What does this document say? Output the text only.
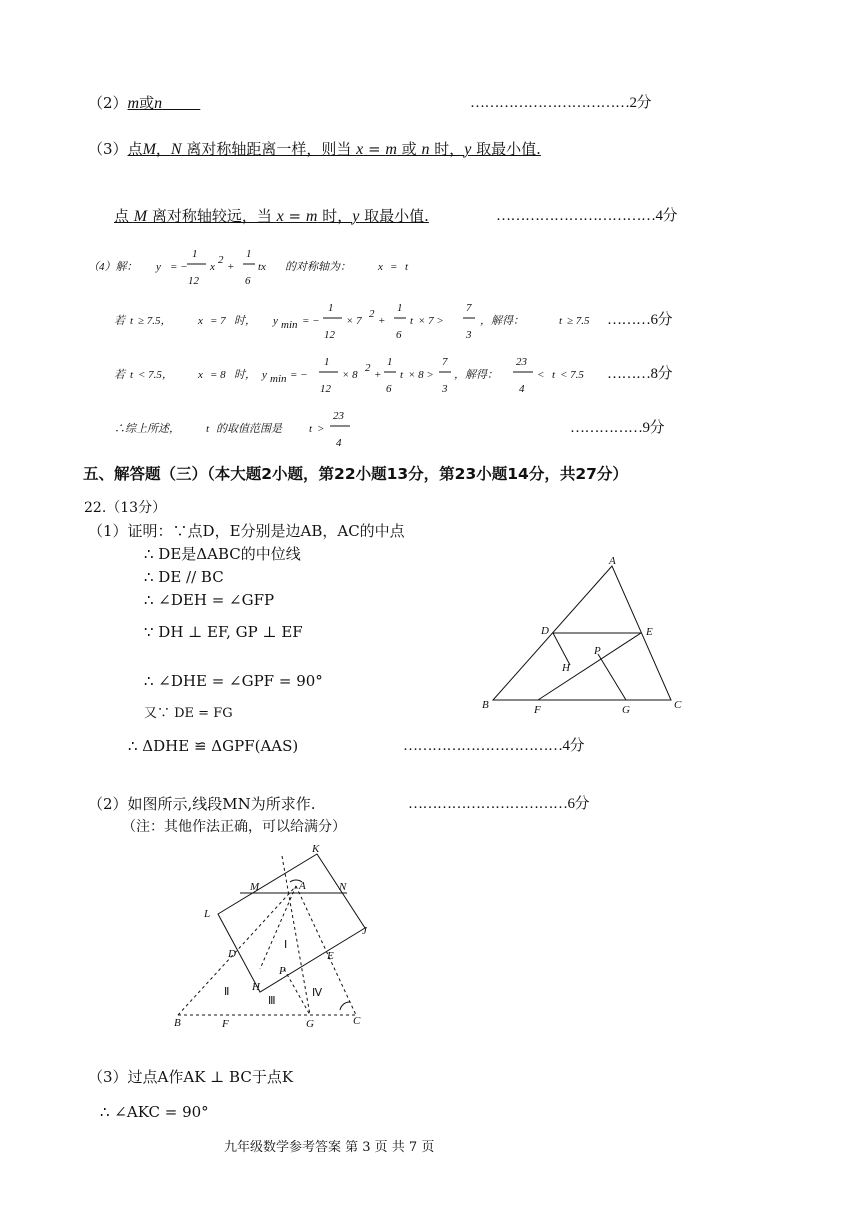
（2）m或n	……………………………2分
（3）点M，N 离对称轴距离一样，则当 x = m 或 n 时，y 取最小值.
点 M 离对称轴较远，当 x = m 时，y 取最小值.	……………………………4分
（4）解： y = −
1
12
x
2
+
1
6
tx 的对称轴为： x = t
若 t ≥ 7.5， x = 7 时， y min = −
1
12
× 7
2
+
1
6
t × 7 >
7
3
，解得：	t ≥ 7.5
若 t < 7.5， x = 8 时， y min = −
1
12
× 8
2
+
1
6
t × 8 >
7
3
，解得：
23
4
< t < 7.5
∴综上所述， t 的取值范围是 t >
23
4
………6分
………8分
……………9分
五、解答题（三）（本大题2小题，第22小题13分，第23小题14分，共27分）
22.（13分）
（1）证明：∵点D，E分别是边AB，AC的中点
∴ DE是ΔABC的中位线
∴ DE // BC
∴ ∠DEH = ∠GFP
∵ DH ⊥ EF, GP ⊥ EF
∴ ∠DHE = ∠GPF = 90°
又∵ DE = FG
∴ ΔDHE ≌ ΔGPF(AAS)	……………………………4分
A
B	C
D	E
F	G
H
P
（2）如图所示,线段MN为所求作.	……………………………6分
（注：其他作法正确，可以给满分）
K
M	A	N
L
J
D	E
H
P
B	F	G	C
Ⅰ
Ⅱ
Ⅲ
Ⅳ
（3）过点A作AK ⊥ BC于点K
∴ ∠AKC = 90°
九年级数学参考答案 第 3 页 共 7 页
